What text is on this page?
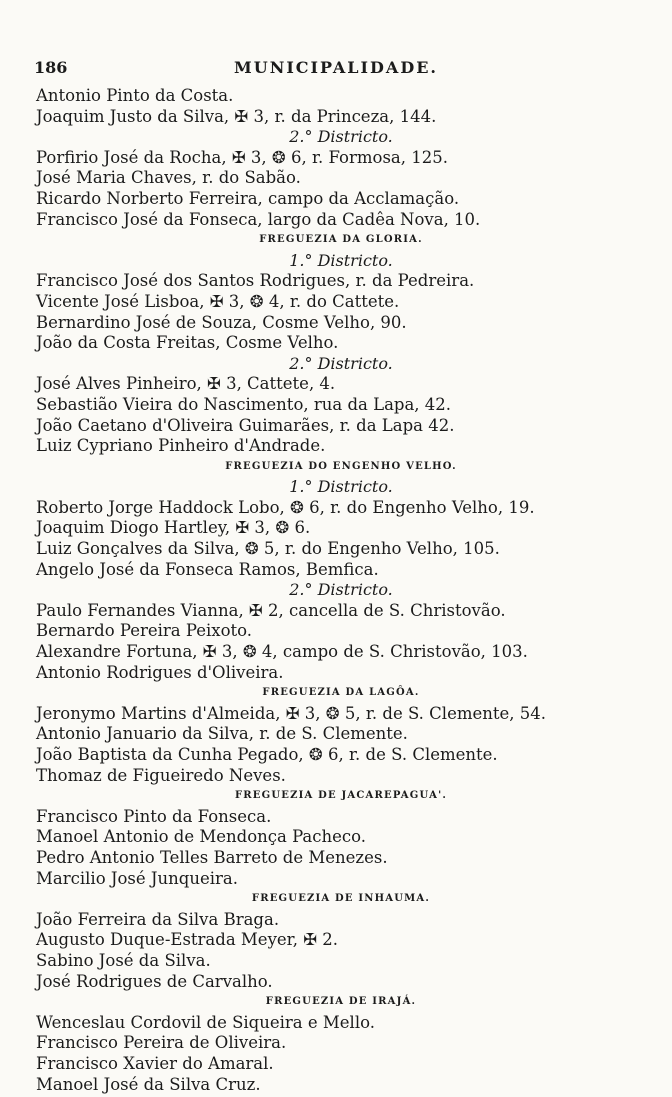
186	MUNICIPALIDADE.
Antonio Pinto da Costa.
Joaquim Justo da Silva, ✠ 3, r. da Princeza, 144.
2.° Districto.
Porfirio José da Rocha, ✠ 3, ❂ 6, r. Formosa, 125.
José Maria Chaves, r. do Sabão.
Ricardo Norberto Ferreira, campo da Acclamação.
Francisco José da Fonseca, largo da Cadêa Nova, 10.
FREGUEZIA DA GLORIA.
1.° Districto.
Francisco José dos Santos Rodrigues, r. da Pedreira.
Vicente José Lisboa, ✠ 3, ❂ 4, r. do Cattete.
Bernardino José de Souza, Cosme Velho, 90.
João da Costa Freitas, Cosme Velho.
2.° Districto.
José Alves Pinheiro, ✠ 3, Cattete, 4.
Sebastião Vieira do Nascimento, rua da Lapa, 42.
João Caetano d'Oliveira Guimarães, r. da Lapa 42.
Luiz Cypriano Pinheiro d'Andrade.
FREGUEZIA DO ENGENHO VELHO.
1.° Districto.
Roberto Jorge Haddock Lobo, ❂ 6, r. do Engenho Velho, 19.
Joaquim Diogo Hartley, ✠ 3, ❂ 6.
Luiz Gonçalves da Silva, ❂ 5, r. do Engenho Velho, 105.
Angelo José da Fonseca Ramos, Bemfica.
2.° Districto.
Paulo Fernandes Vianna, ✠ 2, cancella de S. Christovão.
Bernardo Pereira Peixoto.
Alexandre Fortuna, ✠ 3, ❂ 4, campo de S. Christovão, 103.
Antonio Rodrigues d'Oliveira.
FREGUEZIA DA LAGÔA.
Jeronymo Martins d'Almeida, ✠ 3, ❂ 5, r. de S. Clemente, 54.
Antonio Januario da Silva, r. de S. Clemente.
João Baptista da Cunha Pegado, ❂ 6, r. de S. Clemente.
Thomaz de Figueiredo Neves.
FREGUEZIA DE JACAREPAGUA'.
Francisco Pinto da Fonseca.
Manoel Antonio de Mendonça Pacheco.
Pedro Antonio Telles Barreto de Menezes.
Marcilio José Junqueira.
FREGUEZIA DE INHAUMA.
João Ferreira da Silva Braga.
Augusto Duque-Estrada Meyer, ✠ 2.
Sabino José da Silva.
José Rodrigues de Carvalho.
FREGUEZIA DE IRAJÁ.
Wenceslau Cordovil de Siqueira e Mello.
Francisco Pereira de Oliveira.
Francisco Xavier do Amaral.
Manoel José da Silva Cruz.
